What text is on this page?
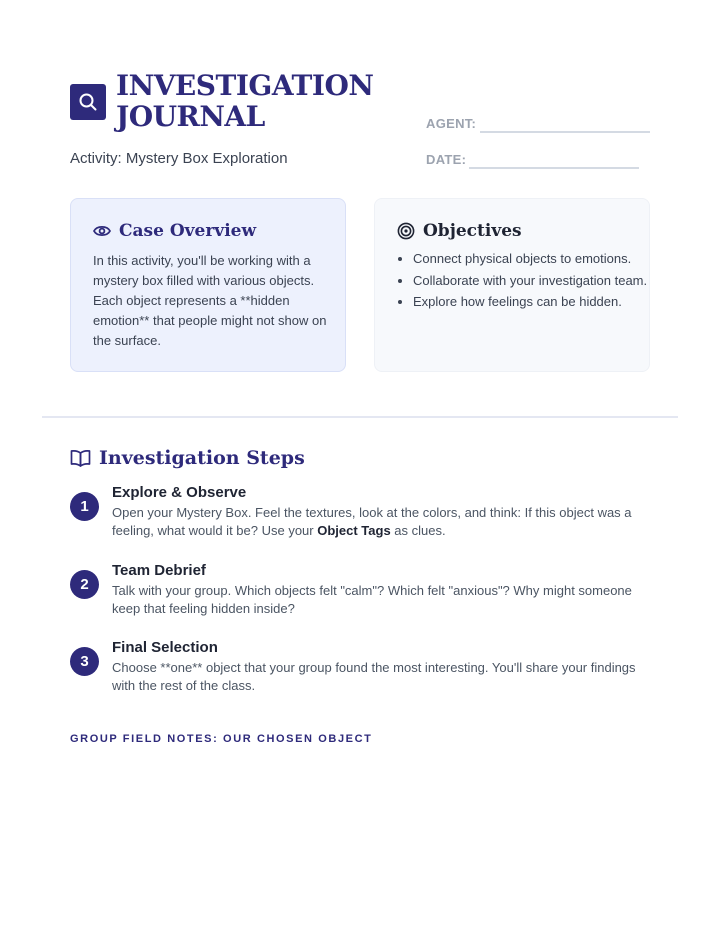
INVESTIGATION
JOURNAL
Activity: Mystery Box Exploration
AGENT:
DATE:
Case Overview

In this activity, you'll be working with a mystery box filled with various objects. Each object represents a **hidden emotion** that people might not show on the surface.

Objectives
• Connect physical objects to emotions.
• Collaborate with your investigation team.
• Explore how feelings can be hidden.
Investigation Steps
1
Explore & Observe

Open your Mystery Box. Feel the textures, look at the colors, and think: If this object was a feeling, what would it be? Use your Object Tags as clues.

2
Team Debrief

Talk with your group. Which objects felt "calm"? Which felt "anxious"? Why might someone keep that feeling hidden inside?

3
Final Selection

Choose **one** object that your group found the most interesting. You'll share your findings with the rest of the class.

GROUP FIELD NOTES: OUR CHOSEN OBJECT
